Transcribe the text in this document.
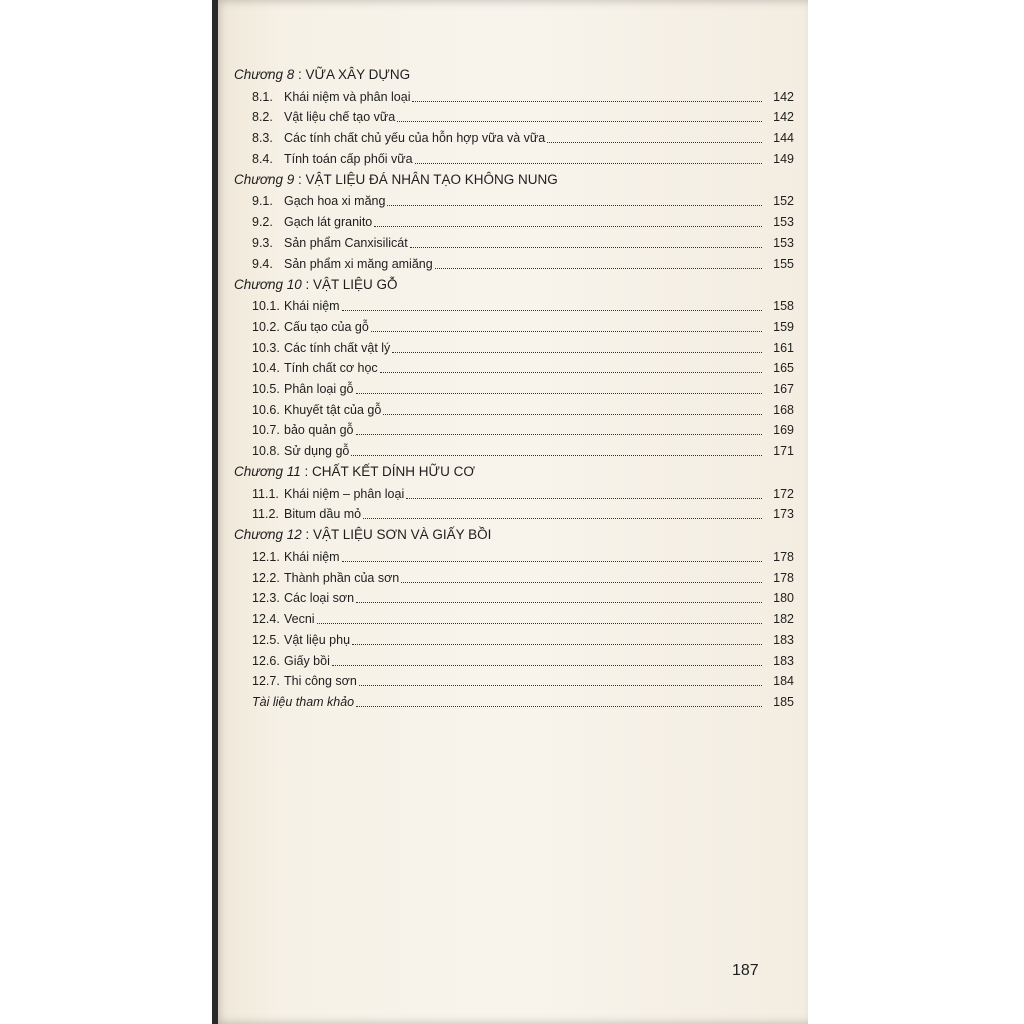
Chương 8 : VỮA XÂY DỰNG
8.1. Khái niệm và phân loại	142
8.2. Vật liệu chế tạo vữa	142
8.3. Các tính chất chủ yếu của hỗn hợp vữa và vữa	144
8.4. Tính toán cấp phối vữa	149
Chương 9 : VẬT LIỆU ĐÁ NHÂN TẠO KHÔNG NUNG
9.1. Gạch hoa xi măng	152
9.2. Gạch lát granito	153
9.3. Sản phẩm Canxisilicát	153
9.4. Sản phẩm xi măng amiăng	155
Chương 10 : VẬT LIỆU GỖ
10.1. Khái niệm	158
10.2. Cấu tạo của gỗ	159
10.3. Các tính chất vật lý	161
10.4. Tính chất cơ học	165
10.5. Phân loại gỗ	167
10.6. Khuyết tật của gỗ	168
10.7. bảo quản gỗ	169
10.8. Sử dụng gỗ	171
Chương 11 : CHẤT KẾT DÍNH HỮU CƠ
11.1. Khái niệm – phân loại	172
11.2. Bitum dầu mỏ	173
Chương 12 : VẬT LIỆU SƠN VÀ GIẤY BỒI
12.1. Khái niệm	178
12.2. Thành phần của sơn	178
12.3. Các loại sơn	180
12.4. Vecni	182
12.5. Vật liệu phụ	183
12.6. Giấy bồi	183
12.7. Thi công sơn	184
Tài liệu tham khảo	185
187
